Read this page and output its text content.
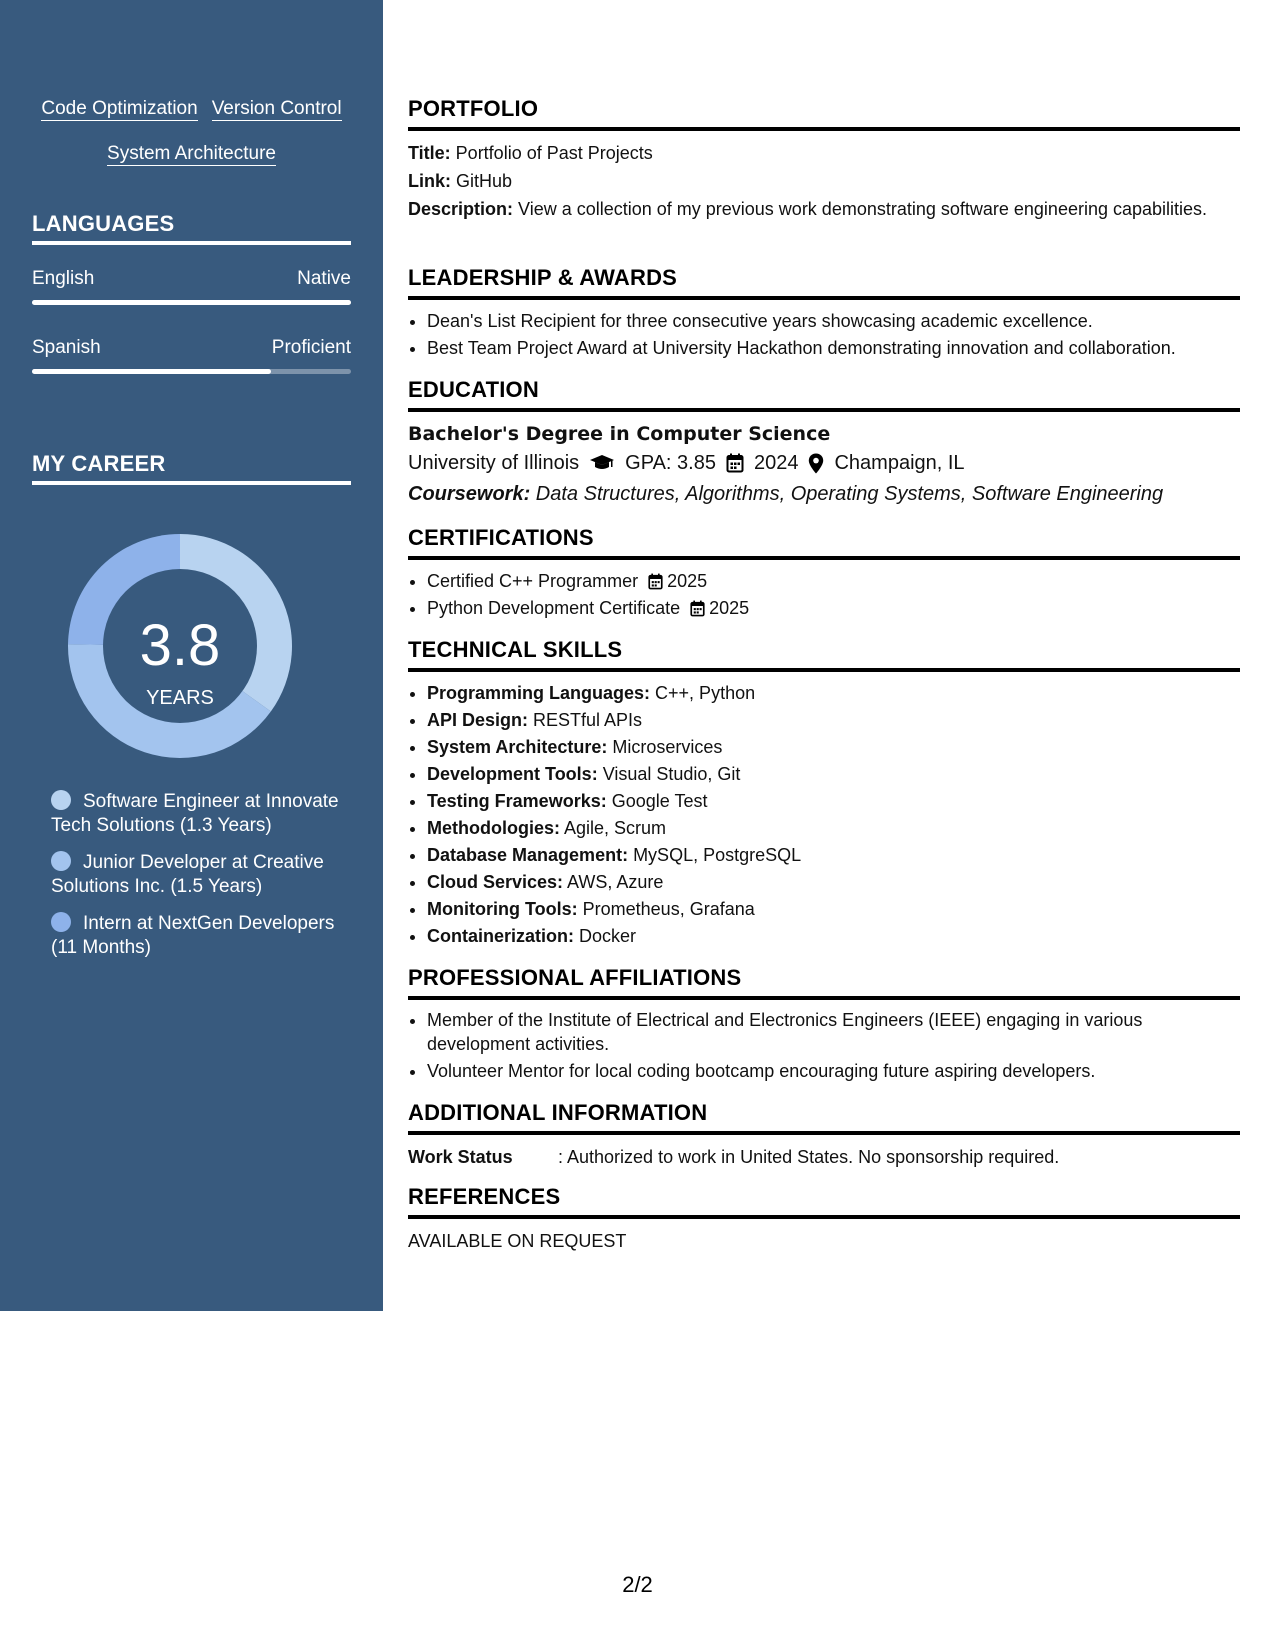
Code Optimization Version Control
System Architecture
LANGUAGES
English	Native
Spanish	Proficient
MY CAREER
3.8
YEARS
Software Engineer at Innovate Tech Solutions (1.3 Years)
Junior Developer at Creative Solutions Inc. (1.5 Years)
Intern at NextGen Developers (11 Months)
PORTFOLIO
Title: Portfolio of Past Projects
Link: GitHub
Description: View a collection of my previous work demonstrating software engineering capabilities.
LEADERSHIP & AWARDS
• Dean's List Recipient for three consecutive years showcasing academic excellence.
• Best Team Project Award at University Hackathon demonstrating innovation and collaboration.
EDUCATION
Bachelor's Degree in Computer Science
University of Illinois GPA: 3.85 2024 Champaign, IL
Coursework: Data Structures, Algorithms, Operating Systems, Software Engineering
CERTIFICATIONS
• Certified C++ Programmer 2025
• Python Development Certificate 2025
TECHNICAL SKILLS
• Programming Languages: C++, Python
• API Design: RESTful APIs
• System Architecture: Microservices
• Development Tools: Visual Studio, Git
• Testing Frameworks: Google Test
• Methodologies: Agile, Scrum
• Database Management: MySQL, PostgreSQL
• Cloud Services: AWS, Azure
• Monitoring Tools: Prometheus, Grafana
• Containerization: Docker
PROFESSIONAL AFFILIATIONS
• Member of the Institute of Electrical and Electronics Engineers (IEEE) engaging in various development activities.
• Volunteer Mentor for local coding bootcamp encouraging future aspiring developers.
ADDITIONAL INFORMATION
Work Status	: Authorized to work in United States. No sponsorship required.
REFERENCES
AVAILABLE ON REQUEST
2/2
